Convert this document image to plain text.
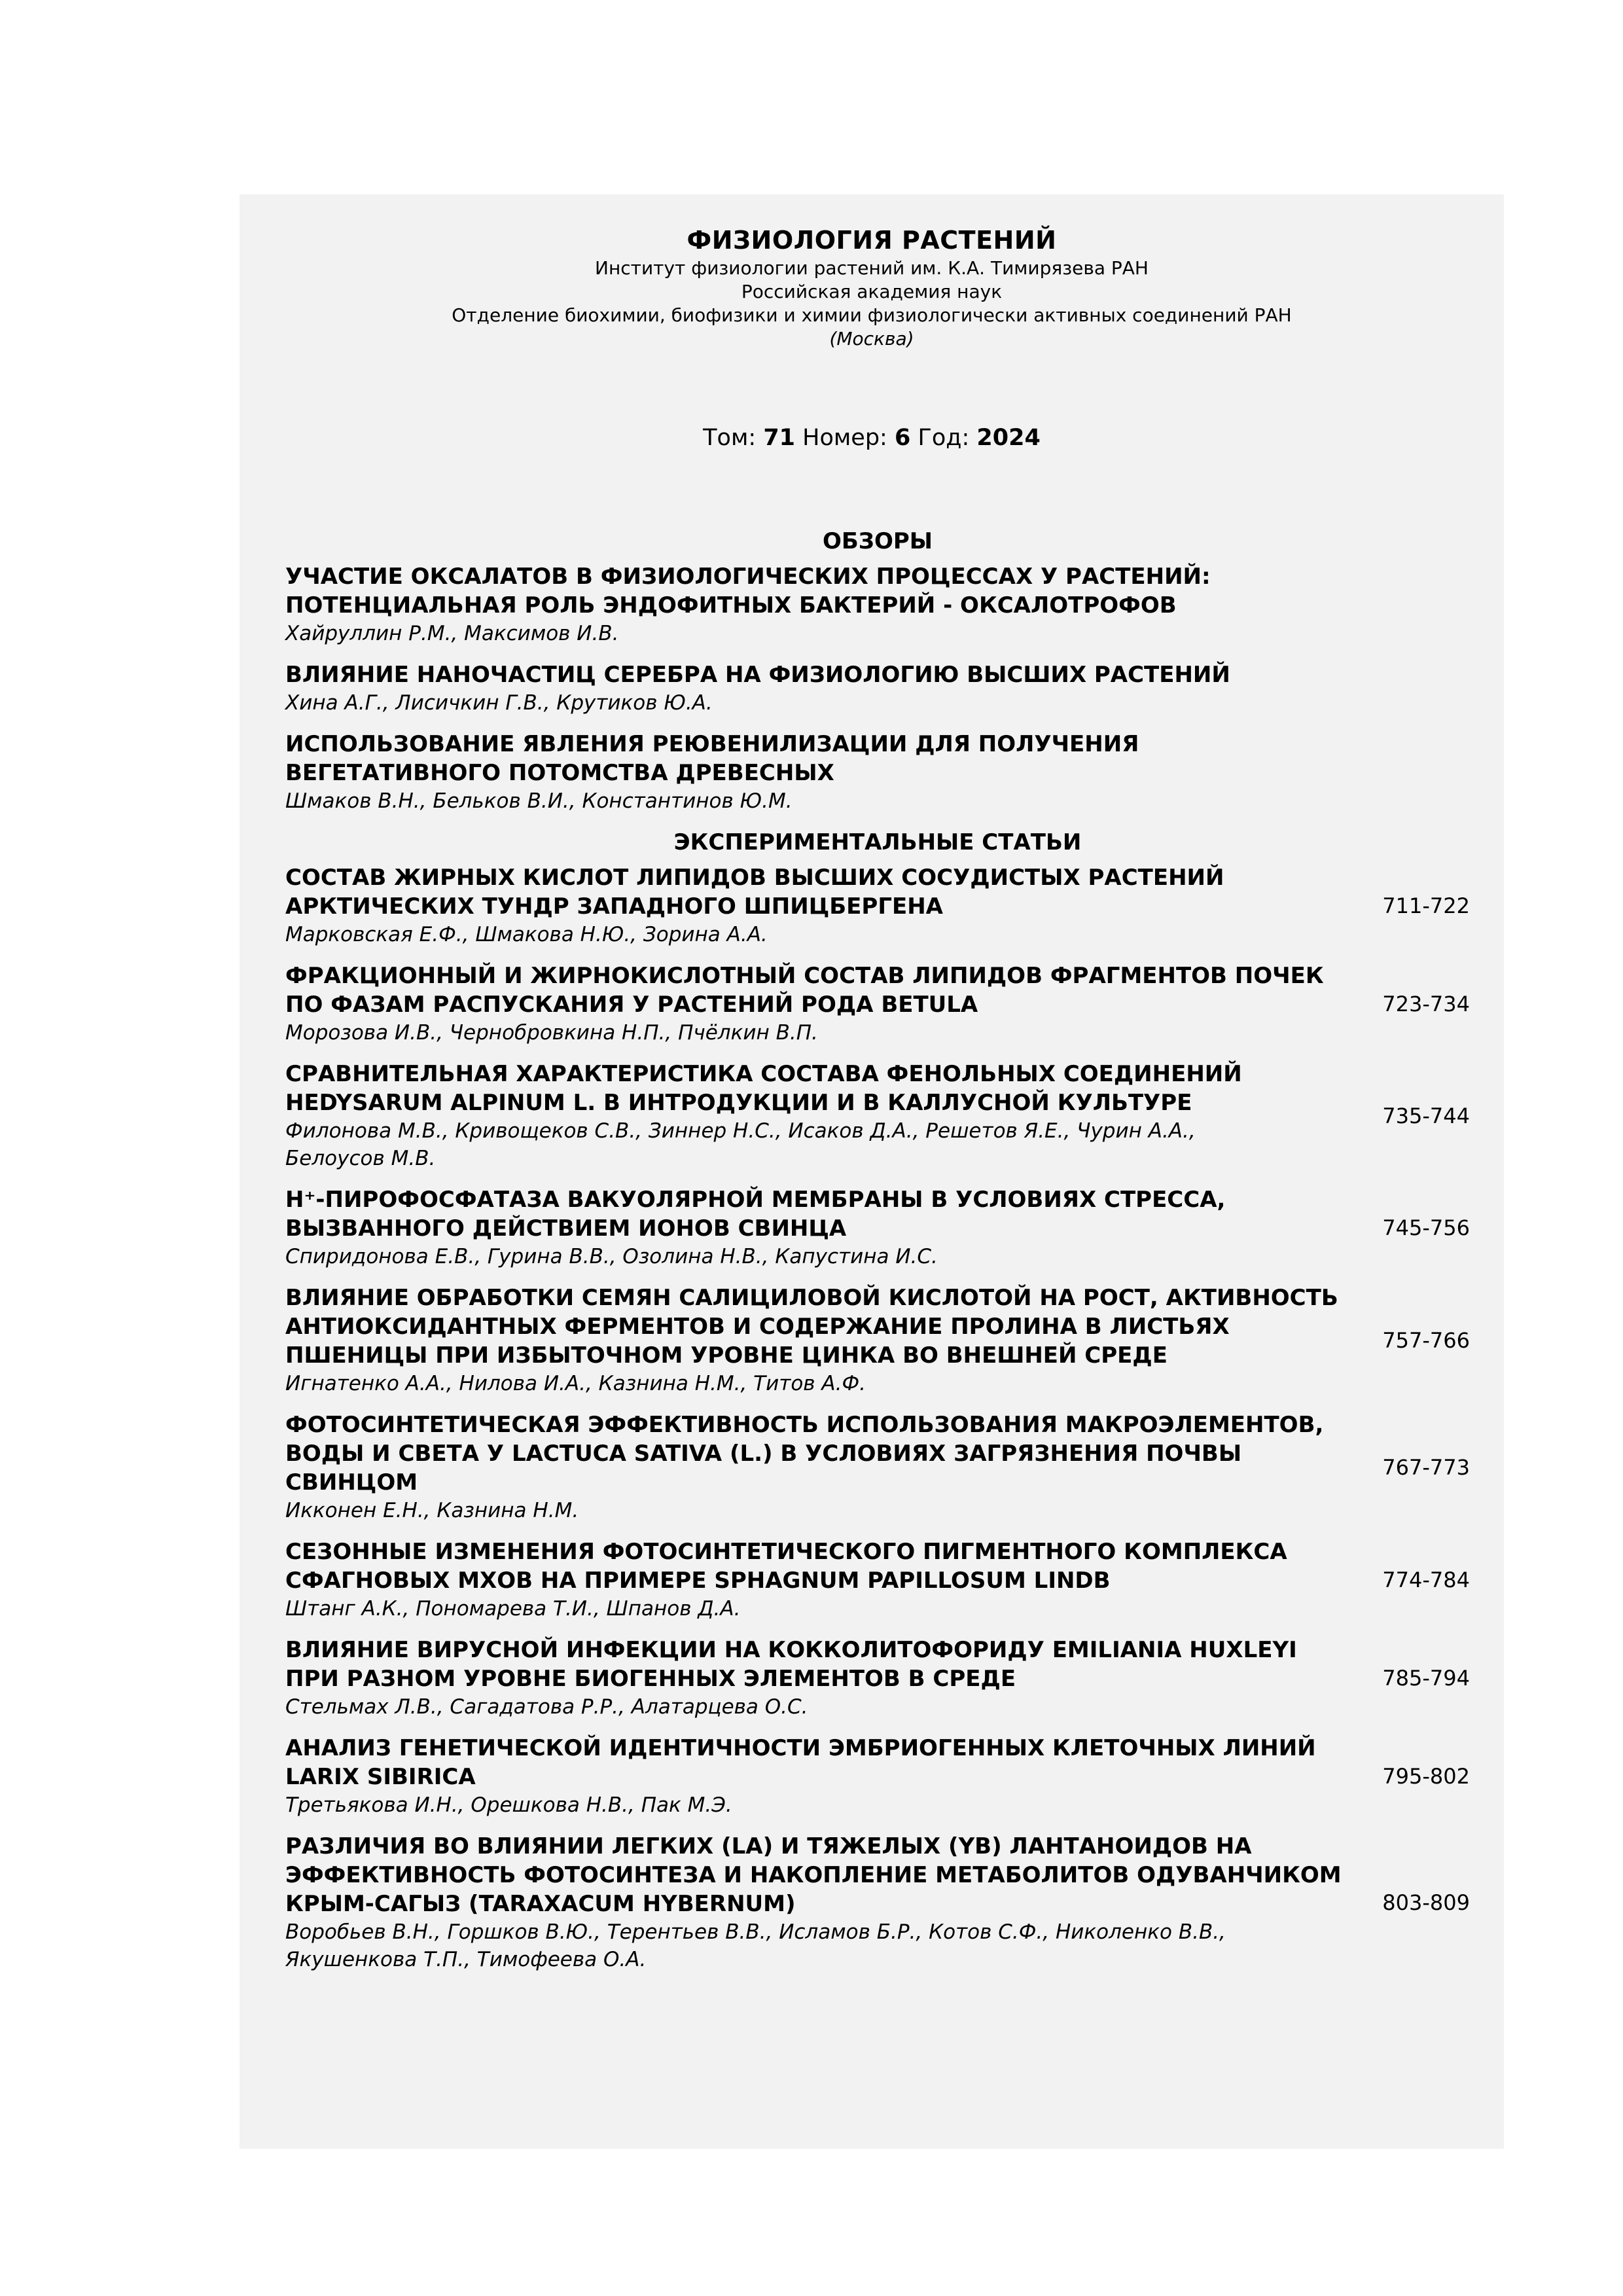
ФИЗИОЛОГИЯ РАСТЕНИЙ
Институт физиологии растений им. К.А. Тимирязева РАН
Российская академия наук
Отделение биохимии, биофизики и химии физиологически активных соединений РАН
(Москва)
Том: 71 Номер: 6 Год: 2024
ОБЗОРЫ
УЧАСТИЕ ОКСАЛАТОВ В ФИЗИОЛОГИЧЕСКИХ ПРОЦЕССАХ У РАСТЕНИЙ:
ПОТЕНЦИАЛЬНАЯ РОЛЬ ЭНДОФИТНЫХ БАКТЕРИЙ - ОКСАЛОТРОФОВ
Хайруллин Р.М., Максимов И.В.
ВЛИЯНИЕ НАНОЧАСТИЦ СЕРЕБРА НА ФИЗИОЛОГИЮ ВЫСШИХ РАСТЕНИЙ
Хина А.Г., Лисичкин Г.В., Крутиков Ю.А.
ИСПОЛЬЗОВАНИЕ ЯВЛЕНИЯ РЕЮВЕНИЛИЗАЦИИ ДЛЯ ПОЛУЧЕНИЯ
ВЕГЕТАТИВНОГО ПОТОМСТВА ДРЕВЕСНЫХ
Шмаков В.Н., Бельков В.И., Константинов Ю.М.
ЭКСПЕРИМЕНТАЛЬНЫЕ СТАТЬИ
СОСТАВ ЖИРНЫХ КИСЛОТ ЛИПИДОВ ВЫСШИХ СОСУДИСТЫХ РАСТЕНИЙ
АРКТИЧЕСКИХ ТУНДР ЗАПАДНОГО ШПИЦБЕРГЕНА
Марковская Е.Ф., Шмакова Н.Ю., Зорина А.А.
711-722
ФРАКЦИОННЫЙ И ЖИРНОКИСЛОТНЫЙ СОСТАВ ЛИПИДОВ ФРАГМЕНТОВ ПОЧЕК
ПО ФАЗАМ РАСПУСКАНИЯ У РАСТЕНИЙ РОДА BETULA
Морозова И.В., Чернобровкина Н.П., Пчёлкин В.П.
723-734
СРАВНИТЕЛЬНАЯ ХАРАКТЕРИСТИКА СОСТАВА ФЕНОЛЬНЫХ СОЕДИНЕНИЙ
HEDYSARUM ALPINUM L. В ИНТРОДУКЦИИ И В КАЛЛУСНОЙ КУЛЬТУРЕ
Филонова М.В., Кривощеков С.В., Зиннер Н.С., Исаков Д.А., Решетов Я.Е., Чурин А.А.,
Белоусов М.В.
735-744
H⁺-ПИРОФОСФАТАЗА ВАКУОЛЯРНОЙ МЕМБРАНЫ В УСЛОВИЯХ СТРЕССА,
ВЫЗВАННОГО ДЕЙСТВИЕМ ИОНОВ СВИНЦА
Спиридонова Е.В., Гурина В.В., Озолина Н.В., Капустина И.С.
745-756
ВЛИЯНИЕ ОБРАБОТКИ СЕМЯН САЛИЦИЛОВОЙ КИСЛОТОЙ НА РОСТ, АКТИВНОСТЬ
АНТИОКСИДАНТНЫХ ФЕРМЕНТОВ И СОДЕРЖАНИЕ ПРОЛИНА В ЛИСТЬЯХ
ПШЕНИЦЫ ПРИ ИЗБЫТОЧНОМ УРОВНЕ ЦИНКА ВО ВНЕШНЕЙ СРЕДЕ
Игнатенко А.А., Нилова И.А., Казнина Н.М., Титов А.Ф.
757-766
ФОТОСИНТЕТИЧЕСКАЯ ЭФФЕКТИВНОСТЬ ИСПОЛЬЗОВАНИЯ МАКРОЭЛЕМЕНТОВ,
ВОДЫ И СВЕТА У LACTUCA SATIVA (L.) В УСЛОВИЯХ ЗАГРЯЗНЕНИЯ ПОЧВЫ
СВИНЦОМ
Икконен Е.Н., Казнина Н.М.
767-773
СЕЗОННЫЕ ИЗМЕНЕНИЯ ФОТОСИНТЕТИЧЕСКОГО ПИГМЕНТНОГО КОМПЛЕКСА
СФАГНОВЫХ МХОВ НА ПРИМЕРЕ SPHAGNUM PAPILLOSUM LINDB
Штанг А.К., Пономарева Т.И., Шпанов Д.А.
774-784
ВЛИЯНИЕ ВИРУСНОЙ ИНФЕКЦИИ НА КОККОЛИТОФОРИДУ EMILIANIA HUXLEYI
ПРИ РАЗНОМ УРОВНЕ БИОГЕННЫХ ЭЛЕМЕНТОВ В СРЕДЕ
Стельмах Л.В., Сагадатова Р.Р., Алатарцева О.С.
785-794
АНАЛИЗ ГЕНЕТИЧЕСКОЙ ИДЕНТИЧНОСТИ ЭМБРИОГЕННЫХ КЛЕТОЧНЫХ ЛИНИЙ
LARIX SIBIRICA
Третьякова И.Н., Орешкова Н.В., Пак М.Э.
795-802
РАЗЛИЧИЯ ВО ВЛИЯНИИ ЛЕГКИХ (LA) И ТЯЖЕЛЫХ (YB) ЛАНТАНОИДОВ НА
ЭФФЕКТИВНОСТЬ ФОТОСИНТЕЗА И НАКОПЛЕНИЕ МЕТАБОЛИТОВ ОДУВАНЧИКОМ
КРЫМ-САГЫЗ (TARAXACUM HYBERNUM)
Воробьев В.Н., Горшков В.Ю., Терентьев В.В., Исламов Б.Р., Котов С.Ф., Николенко В.В.,
Якушенкова Т.П., Тимофеева О.А.
803-809
